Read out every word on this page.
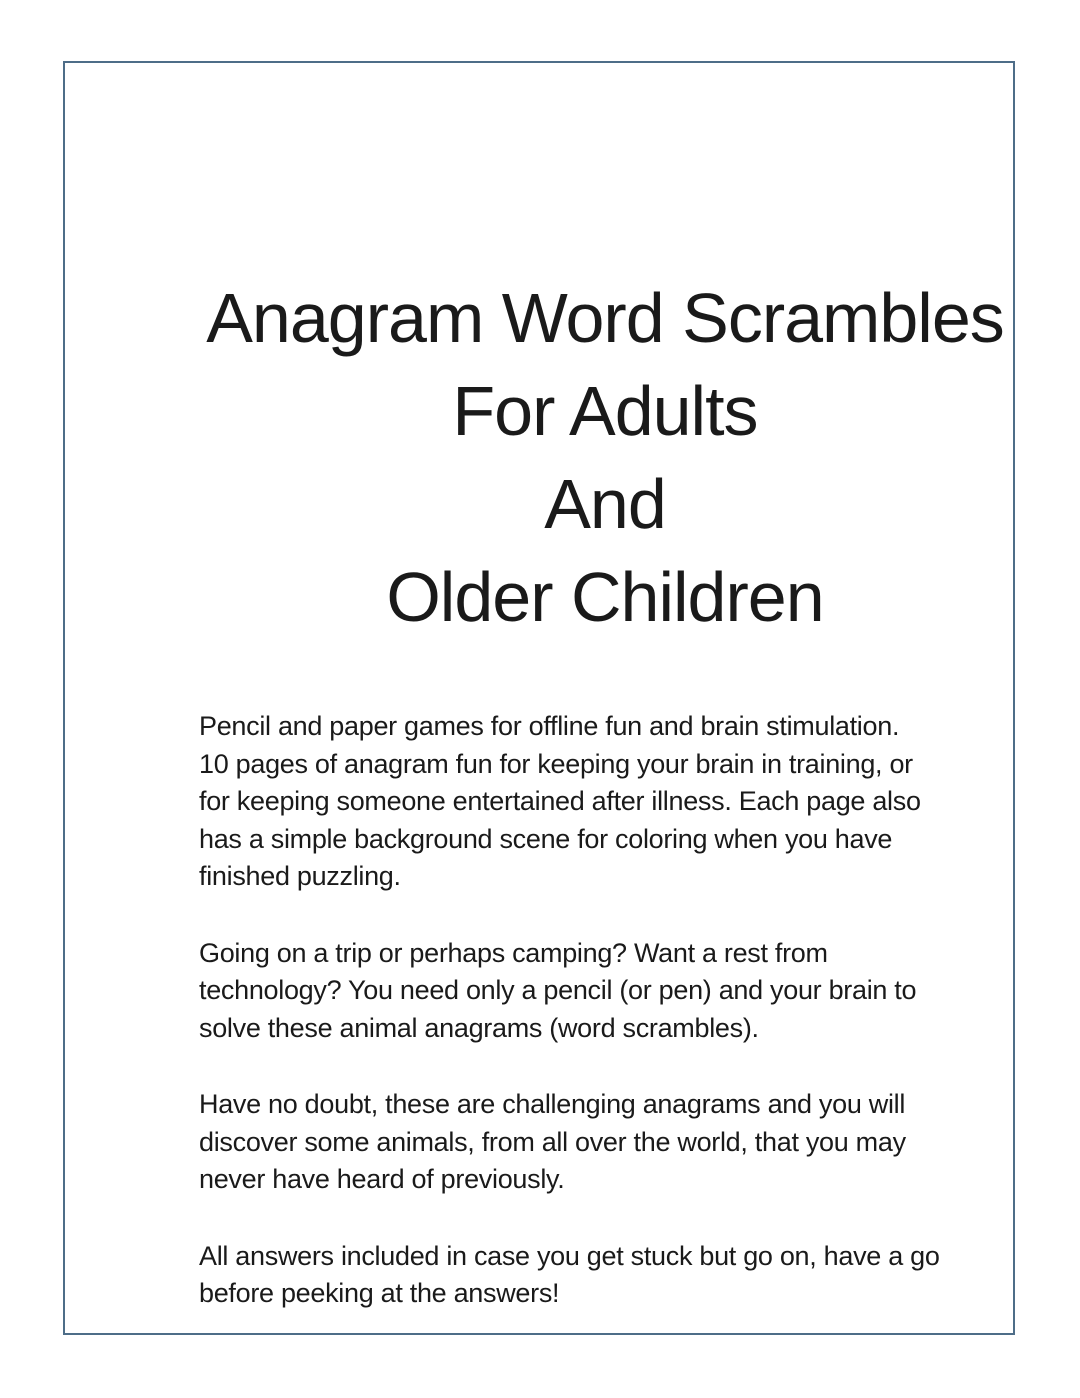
Anagram Word Scrambles
For Adults
And
Older Children
Pencil and paper games for offline fun and brain stimulation.
10 pages of anagram fun for keeping your brain in training, or
for keeping someone entertained after illness. Each page also
has a simple background scene for coloring when you have
finished puzzling.
Going on a trip or perhaps camping? Want a rest from
technology? You need only a pencil (or pen) and your brain to
solve these animal anagrams (word scrambles).
Have no doubt, these are challenging anagrams and you will
discover some animals, from all over the world, that you may
never have heard of previously.
All answers included in case you get stuck but go on, have a go
before peeking at the answers!
